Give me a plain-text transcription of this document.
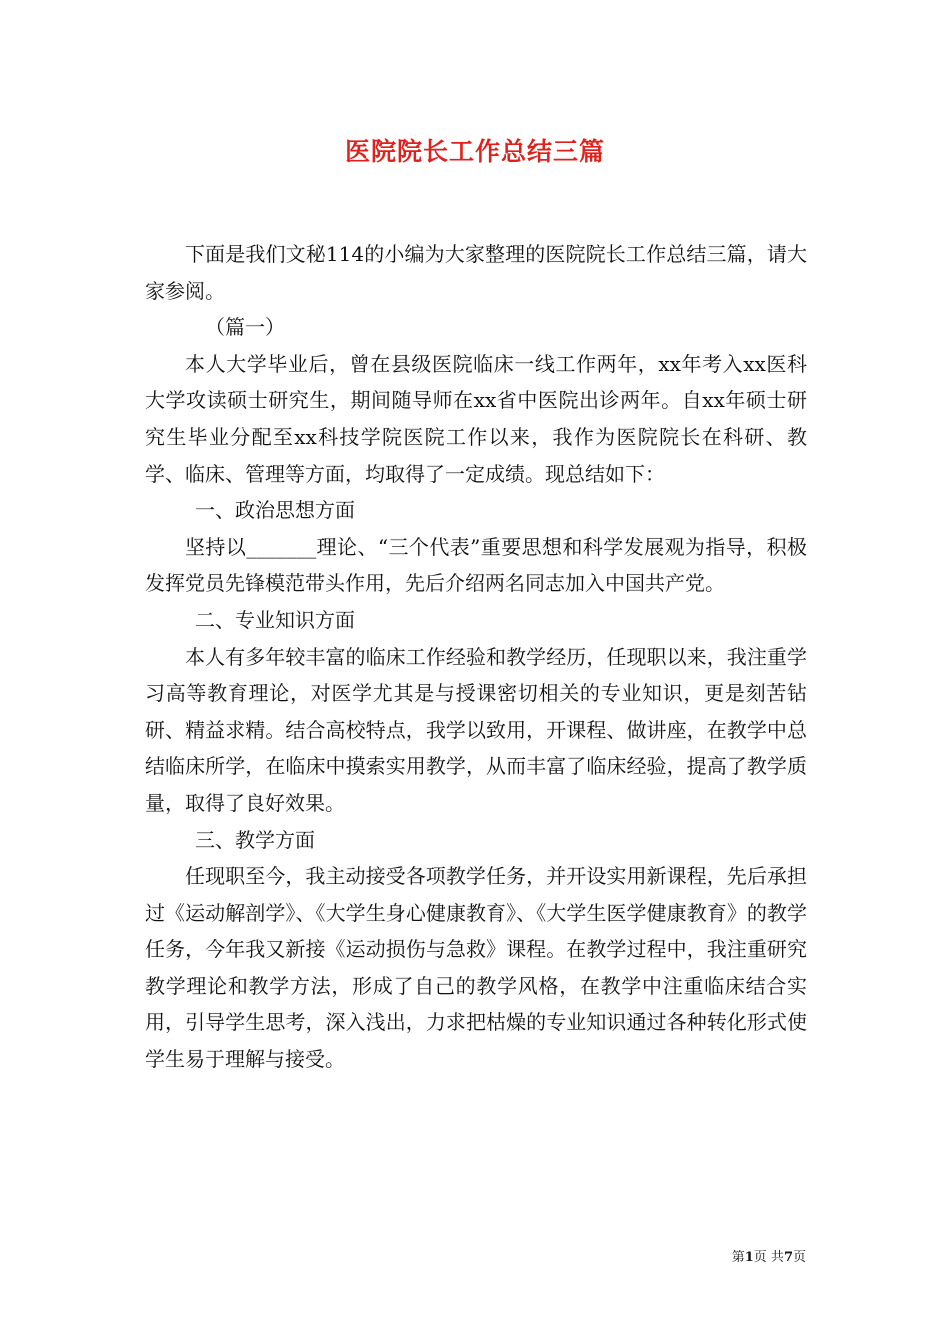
医院院长工作总结三篇

下面是我们文秘114的小编为大家整理的医院院长工作总结三篇，请大家参阅。

（篇一）

本人大学毕业后，曾在县级医院临床一线工作两年，xx年考入xx医科大学攻读硕士研究生，期间随导师在xx省中医院出诊两年。自xx年硕士研究生毕业分配至xx科技学院医院工作以来，我作为医院院长在科研、教学、临床、管理等方面，均取得了一定成绩。现总结如下：

一、政治思想方面

坚持以_______理论、“三个代表”重要思想和科学发展观为指导，积极发挥党员先锋模范带头作用，先后介绍两名同志加入中国共产党。

二、专业知识方面

本人有多年较丰富的临床工作经验和教学经历，任现职以来，我注重学习高等教育理论，对医学尤其是与授课密切相关的专业知识，更是刻苦钻研、精益求精。结合高校特点，我学以致用，开课程、做讲座，在教学中总结临床所学，在临床中摸索实用教学，从而丰富了临床经验，提高了教学质量，取得了良好效果。

三、教学方面

任现职至今，我主动接受各项教学任务，并开设实用新课程，先后承担过《运动解剖学》、《大学生身心健康教育》、《大学生医学健康教育》的教学任务，今年我又新接《运动损伤与急救》课程。在教学过程中，我注重研究教学理论和教学方法，形成了自己的教学风格，在教学中注重临床结合实用，引导学生思考，深入浅出，力求把枯燥的专业知识通过各种转化形式使学生易于理解与接受。

第1页 共7页
